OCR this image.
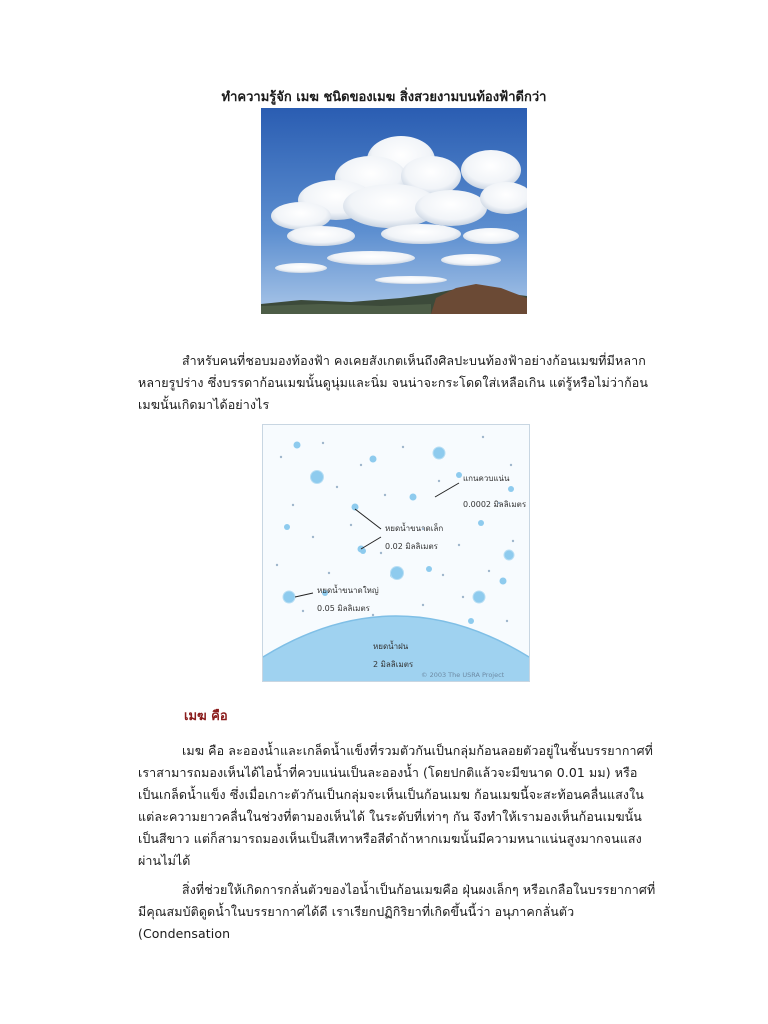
ทำความรู้จัก เมฆ ชนิดของเมฆ สิ่งสวยงามบนท้องฟ้าดีกว่า

สำหรับคนที่ชอบมองท้องฟ้า คงเคยสังเกตเห็นถึงศิลปะบนท้องฟ้าอย่างก้อนเมฆที่มีหลากหลายรูปร่าง ซึ่งบรรดาก้อนเมฆนั้นดูนุ่มและนิ่ม จนน่าจะกระโดดใส่เหลือเกิน แต่รู้หรือไม่ว่าก้อนเมฆนั้นเกิดมาได้อย่างไร

แกนควบแน่น
0.0002 มิลลิเมตร
หยดน้ำขนาดเล็ก
0.02 มิลลิเมตร
หยดน้ำขนาดใหญ่
0.05 มิลลิเมตร
หยดน้ำฝน
2 มิลลิเมตร
© 2003 The USRA Project
เมฆ คือ

เมฆ คือ ละอองน้ำและเกล็ดน้ำแข็งที่รวมตัวกันเป็นกลุ่มก้อนลอยตัวอยู่ในชั้นบรรยากาศที่เราสามารถมองเห็นได้ไอน้ำที่ควบแน่นเป็นละอองน้ำ (โดยปกติแล้วจะมีขนาด 0.01 มม) หรือเป็นเกล็ดน้ำแข็ง ซึ่งเมื่อเกาะตัวกันเป็นกลุ่มจะเห็นเป็นก้อนเมฆ ก้อนเมฆนี้จะสะท้อนคลื่นแสงในแต่ละความยาวคลื่นในช่วงที่ตามองเห็นได้ ในระดับที่เท่าๆ กัน จึงทำให้เรามองเห็นก้อนเมฆนั้นเป็นสีขาว แต่ก็สามารถมองเห็นเป็นสีเทาหรือสีดำถ้าหากเมฆนั้นมีความหนาแน่นสูงมากจนแสงผ่านไม่ได้

สิ่งที่ช่วยให้เกิดการกลั่นตัวของไอน้ำเป็นก้อนเมฆคือ ฝุ่นผงเล็กๆ หรือเกลือในบรรยากาศที่มีคุณสมบัติดูดน้ำในบรรยากาศได้ดี เราเรียกปฏิกิริยาที่เกิดขึ้นนี้ว่า อนุภาคกลั่นตัว (Condensation
